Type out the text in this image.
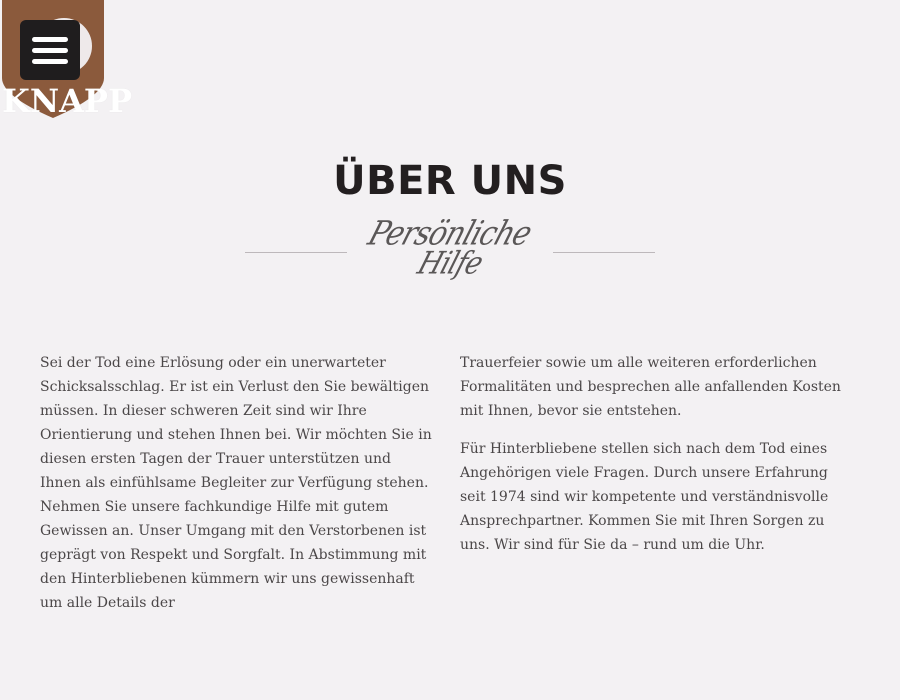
KNAPP
ÜBER UNS
Persönliche
Hilfe

Sei der Tod eine Erlösung oder ein unerwarteter Schicksalsschlag. Er ist ein Verlust den Sie bewältigen müssen. In dieser schweren Zeit sind wir Ihre Orientierung und stehen Ihnen bei. Wir möchten Sie in diesen ersten Tagen der Trauer unterstützen und Ihnen als einfühlsame Begleiter zur Verfügung stehen. Nehmen Sie unsere fachkundige Hilfe mit gutem Gewissen an. Unser Umgang mit den Verstorbenen ist geprägt von Respekt und Sorgfalt. In Abstimmung mit den Hinterbliebenen kümmern wir uns gewissenhaft um alle Details der

Trauerfeier sowie um alle weiteren erforderlichen Formalitäten und besprechen alle anfallenden Kosten mit Ihnen, bevor sie entstehen.

Für Hinterbliebene stellen sich nach dem Tod eines Angehörigen viele Fragen. Durch unsere Erfahrung seit 1974 sind wir kompetente und verständnisvolle Ansprechpartner. Kommen Sie mit Ihren Sorgen zu uns. Wir sind für Sie da – rund um die Uhr.
